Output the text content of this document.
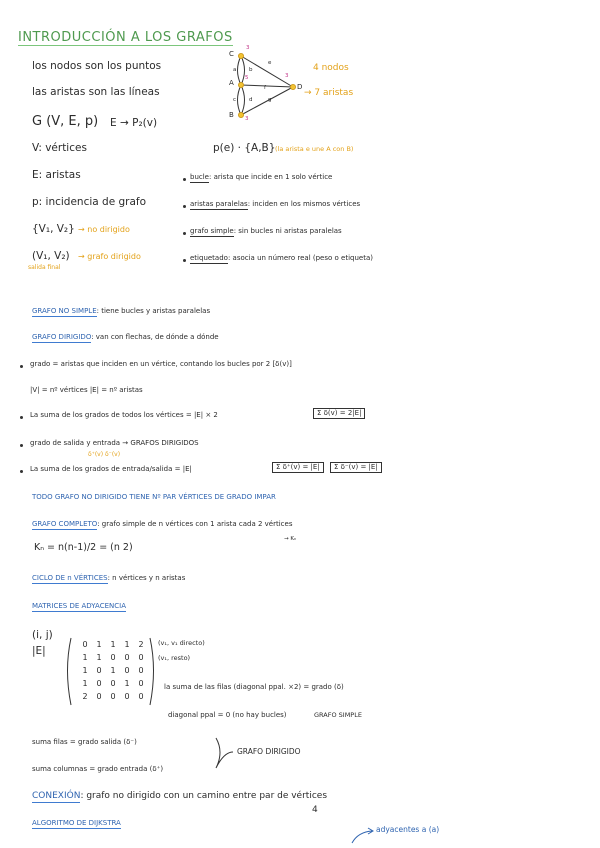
INTRODUCCIÓN A LOS GRAFOS
los nodos son los puntos
las aristas son las líneas
G (V, E, p) E → P₂(v)
V: vértices
E: aristas
p: incidencia de grafo
{V₁, V₂} → no dirigido
(V₁, V₂) → grafo dirigido
salida final
p(e) · {A,B} (la arista e une A con B)
C
A
B
D
3
5
3
3
a b
c d
e
f
g
4 nodos
→ 7 aristas
bucle: arista que incide en 1 solo vértice
aristas paralelas: inciden en los mismos vértices
grafo simple: sin bucles ni aristas paralelas
etiquetado: asocia un número real (peso o etiqueta)
GRAFO NO SIMPLE: tiene bucles y aristas paralelas
GRAFO DIRIGIDO: van con flechas, de dónde a dónde
grado = aristas que inciden en un vértice, contando los bucles por 2 [δ(v)]
|V| = nº vértices |E| = nº aristas
La suma de los grados de todos los vértices = |E| × 2	Σ δ(v) = 2|E|
grado de salida y entrada → GRAFOS DIRIGIDOS
δ⁺(v) δ⁻(v)
La suma de los grados de entrada/salida = |E|	Σ δ⁺(v) = |E|	Σ δ⁻(v) = |E|
TODO GRAFO NO DIRIGIDO TIENE Nº PAR VÉRTICES DE GRADO IMPAR
GRAFO COMPLETO: grafo simple de n vértices con 1 arista cada 2 vértices
→ Kₙ
Kₙ = n(n-1)/2 = (n 2)
CICLO DE n VÉRTICES: n vértices y n aristas
MATRICES DE ADYACENCIA
(i, j)
|E|
0	1	1	1	2
1	1	0	0	0
1	0	1	0	0
1	0	0	1	0
2	0	0	0	0
(v₁, v₁ directo)
(v₁, resto)
la suma de las filas (diagonal ppal. ×2) = grado (δ)
diagonal ppal = 0 (no hay bucles)	GRAFO SIMPLE
suma filas = grado salida (δ⁻)
suma columnas = grado entrada (δ⁺)
GRAFO DIRIGIDO
CONEXIÓN: grafo no dirigido con un camino entre par de vértices
ALGORITMO DE DIJKSTRA
4
adyacentes a (a)
